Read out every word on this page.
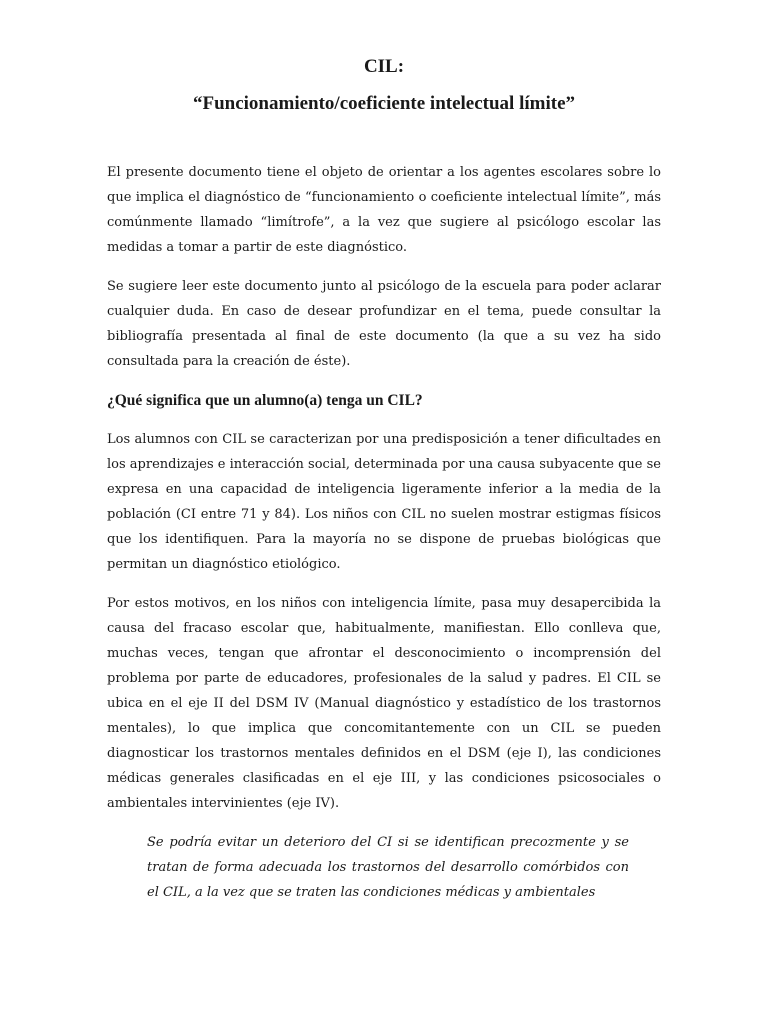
CIL:
“Funcionamiento/coeficiente intelectual límite”

El presente documento tiene el objeto de orientar a los agentes escolares sobre lo que implica el diagnóstico de “funcionamiento o coeficiente intelectual límite”, más comúnmente llamado “limítrofe”, a la vez que sugiere al psicólogo escolar las medidas a tomar a partir de este diagnóstico.

Se sugiere leer este documento junto al psicólogo de la escuela para poder aclarar cualquier duda. En caso de desear profundizar en el tema, puede consultar la bibliografía presentada al final de este documento (la que a su vez ha sido consultada para la creación de éste).

¿Qué significa que un alumno(a) tenga un CIL?

Los alumnos con CIL se caracterizan por una predisposición a tener dificultades en los aprendizajes e interacción social, determinada por una causa subyacente que se expresa en una capacidad de inteligencia ligeramente inferior a la media de la población (CI entre 71 y 84). Los niños con CIL no suelen mostrar estigmas físicos que los identifiquen. Para la mayoría no se dispone de pruebas biológicas que permitan un diagnóstico etiológico.

Por estos motivos, en los niños con inteligencia límite, pasa muy desapercibida la causa del fracaso escolar que, habitualmente, manifiestan. Ello conlleva que, muchas veces, tengan que afrontar el desconocimiento o incomprensión del problema por parte de educadores, profesionales de la salud y padres. El CIL se ubica en el eje II del DSM IV (Manual diagnóstico y estadístico de los trastornos mentales), lo que implica que concomitantemente con un CIL se pueden diagnosticar los trastornos mentales definidos en el DSM (eje I), las condiciones médicas generales clasificadas en el eje III, y las condiciones psicosociales o ambientales intervinientes (eje IV).

Se podría evitar un deterioro del CI si se identifican precozmente y se tratan de forma adecuada los trastornos del desarrollo comórbidos con el CIL, a la vez que se traten las condiciones médicas y ambientales
